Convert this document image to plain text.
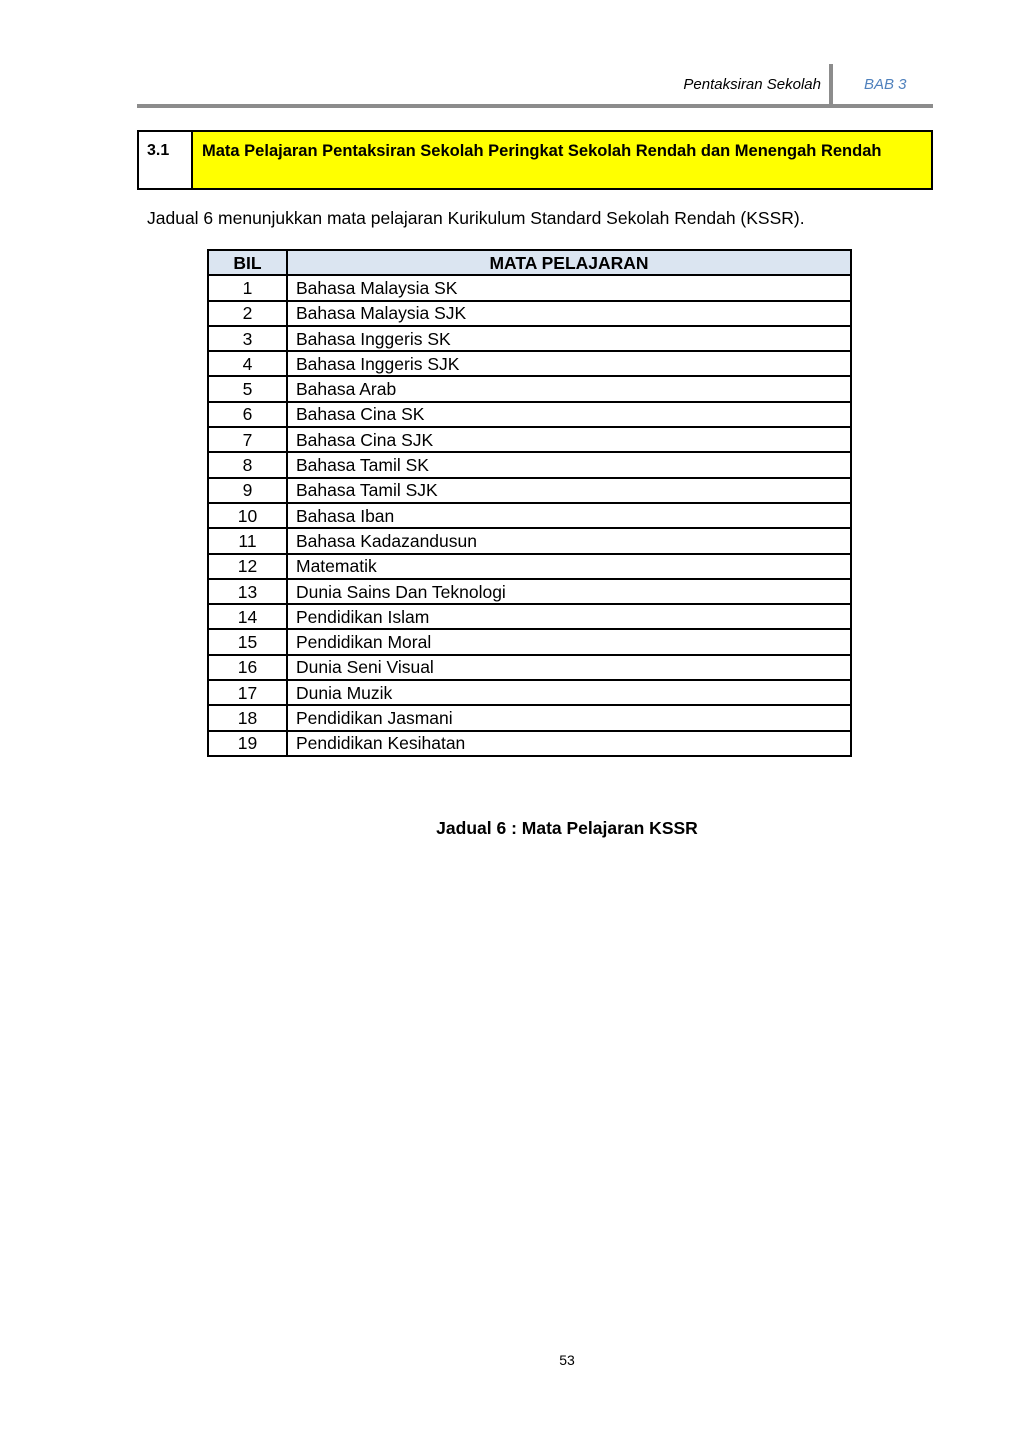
Pentaksiran Sekolah	BAB 3
3.1	Mata Pelajaran Pentaksiran Sekolah Peringkat Sekolah Rendah dan Menengah Rendah
Jadual 6 menunjukkan mata pelajaran Kurikulum Standard Sekolah Rendah (KSSR).
BIL	MATA PELAJARAN
1	Bahasa Malaysia SK
2	Bahasa Malaysia SJK
3	Bahasa Inggeris SK
4	Bahasa Inggeris SJK
5	Bahasa Arab
6	Bahasa Cina SK
7	Bahasa Cina SJK
8	Bahasa Tamil SK
9	Bahasa Tamil SJK
10	Bahasa Iban
11	Bahasa Kadazandusun
12	Matematik
13	Dunia Sains Dan Teknologi
14	Pendidikan Islam
15	Pendidikan Moral
16	Dunia Seni Visual
17	Dunia Muzik
18	Pendidikan Jasmani
19	Pendidikan Kesihatan
Jadual 6 : Mata Pelajaran KSSR
53
